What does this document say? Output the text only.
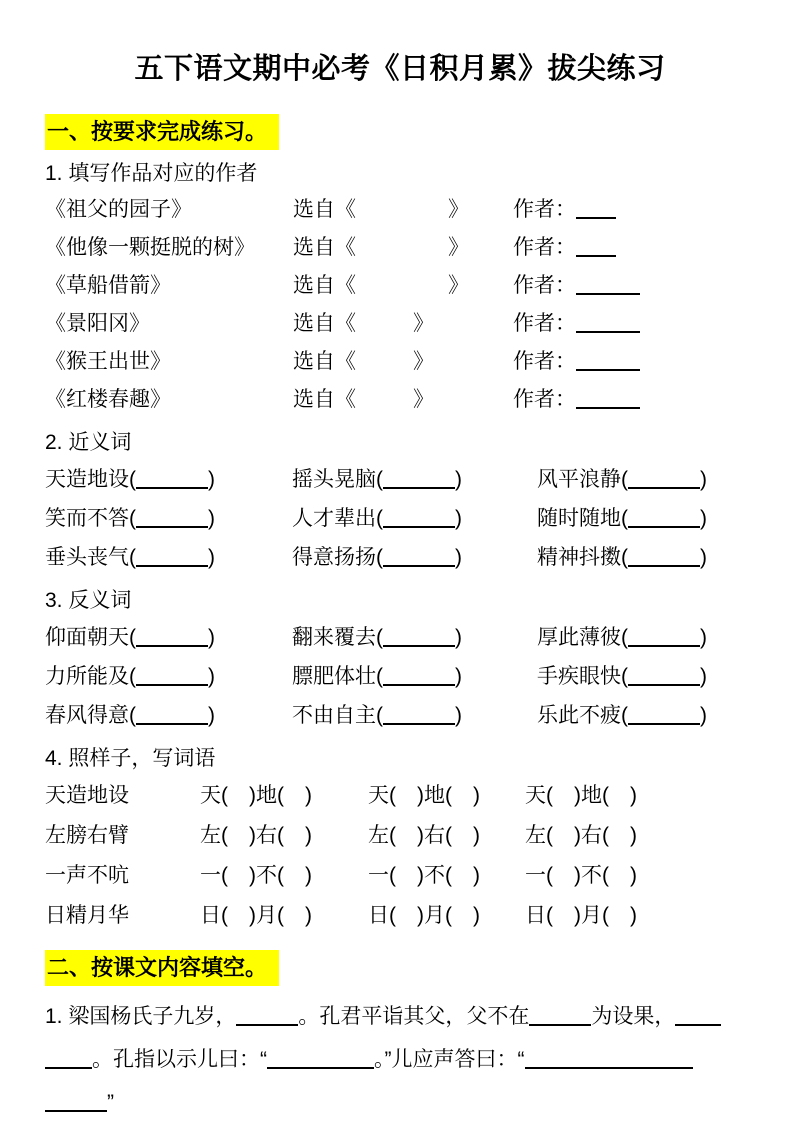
五下语文期中必考《日积月累》拔尖练习
一、按要求完成练习。
1. 填写作品对应的作者
《祖父的园子》	选自《	》 作者：
《他像一颗挺脱的树》 选自《	》 作者：
《草船借箭》	选自《	》 作者：
《景阳冈》	选自《	》	作者：
《猴王出世》	选自《	》	作者：
《红楼春趣》	选自《	》	作者：
2. 近义词
天造地设(	)	摇头晃脑(	)	风平浪静(	)
笑而不答(	)	人才辈出(	)	随时随地(	)
垂头丧气(	)	得意扬扬(	)	精神抖擞(	)
3. 反义词
仰面朝天(	)	翻来覆去(	)	厚此薄彼(	)
力所能及(	)	膘肥体壮(	)	手疾眼快(	)
春风得意(	)	不由自主(	)	乐此不疲(	)
4. 照样子，写词语
天造地设	天(　)地(　)	天(　)地(　)	天(　)地(　)
左膀右臂	左(　)右(　)	左(　)右(　)	左(　)右(　)
一声不吭	一(　)不(　)	一(　)不(　)	一(　)不(　)
日精月华	日(　)月(　)	日(　)月(　)	日(　)月(　)
二、按课文内容填空。
1. 梁国杨氏子九岁，	。孔君平诣其父，父不在	为设果，
。孔指以示儿曰：“	。”儿应声答曰：“
”
